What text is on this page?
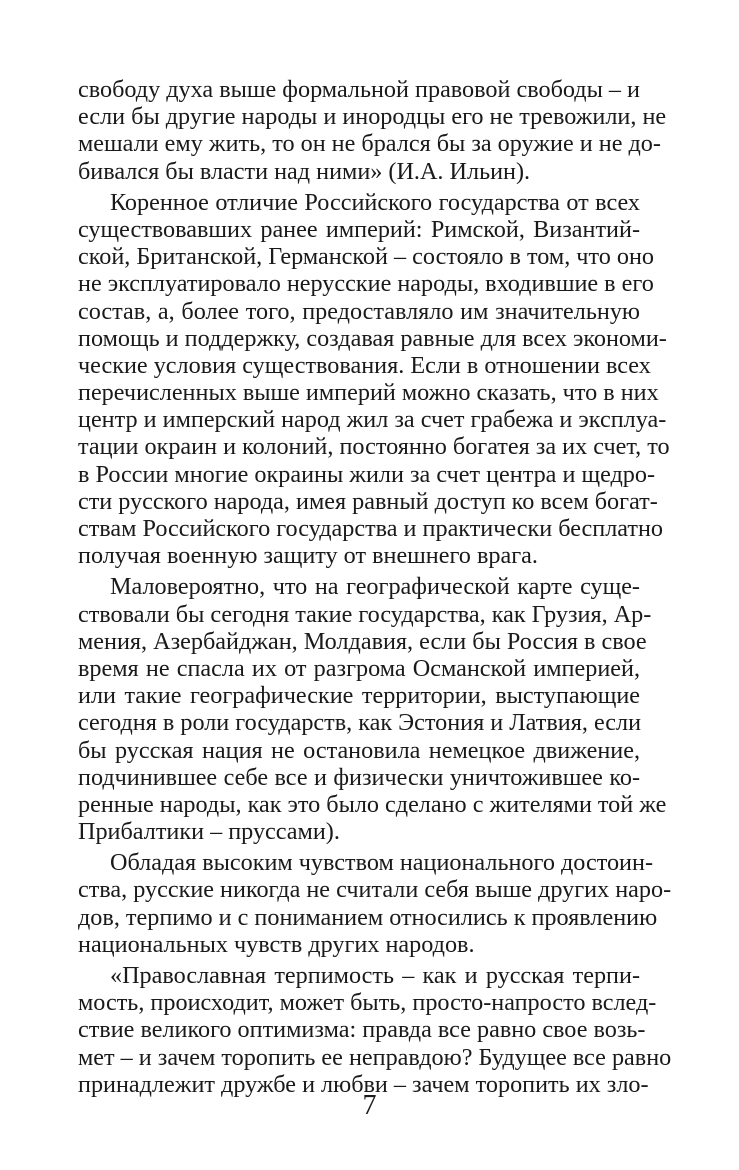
свободу духа выше формальной правовой свободы – и
если бы другие народы и инородцы его не тревожили, не
мешали ему жить, то он не брался бы за оружие и не до-
бивался бы власти над ними» (И.А. Ильин).
Коренное отличие Российского государства от всех
существовавших ранее империй: Римской, Византий-
ской, Британской, Германской – состояло в том, что оно
не эксплуатировало нерусские народы, входившие в его
состав, а, более того, предоставляло им значительную
помощь и поддержку, создавая равные для всех экономи-
ческие условия существования. Если в отношении всех
перечисленных выше империй можно сказать, что в них
центр и имперский народ жил за счет грабежа и эксплуа-
тации окраин и колоний, постоянно богатея за их счет, то
в России многие окраины жили за счет центра и щедро-
сти русского народа, имея равный доступ ко всем богат-
ствам Российского государства и практически бесплатно
получая военную защиту от внешнего врага.
Маловероятно, что на географической карте суще-
ствовали бы сегодня такие государства, как Грузия, Ар-
мения, Азербайджан, Молдавия, если бы Россия в свое
время не спасла их от разгрома Османской империей,
или такие географические территории, выступающие
сегодня в роли государств, как Эстония и Латвия, если
бы русская нация не остановила немецкое движение,
подчинившее себе все и физически уничтожившее ко-
ренные народы, как это было сделано с жителями той же
Прибалтики – пруссами).
Обладая высоким чувством национального достоин-
ства, русские никогда не считали себя выше других наро-
дов, терпимо и с пониманием относились к проявлению
национальных чувств других народов.
«Православная терпимость – как и русская терпи-
мость, происходит, может быть, просто-напросто вслед-
ствие великого оптимизма: правда все равно свое возь-
мет – и зачем торопить ее неправдою? Будущее все равно
принадлежит дружбе и любви – зачем торопить их зло-
7
